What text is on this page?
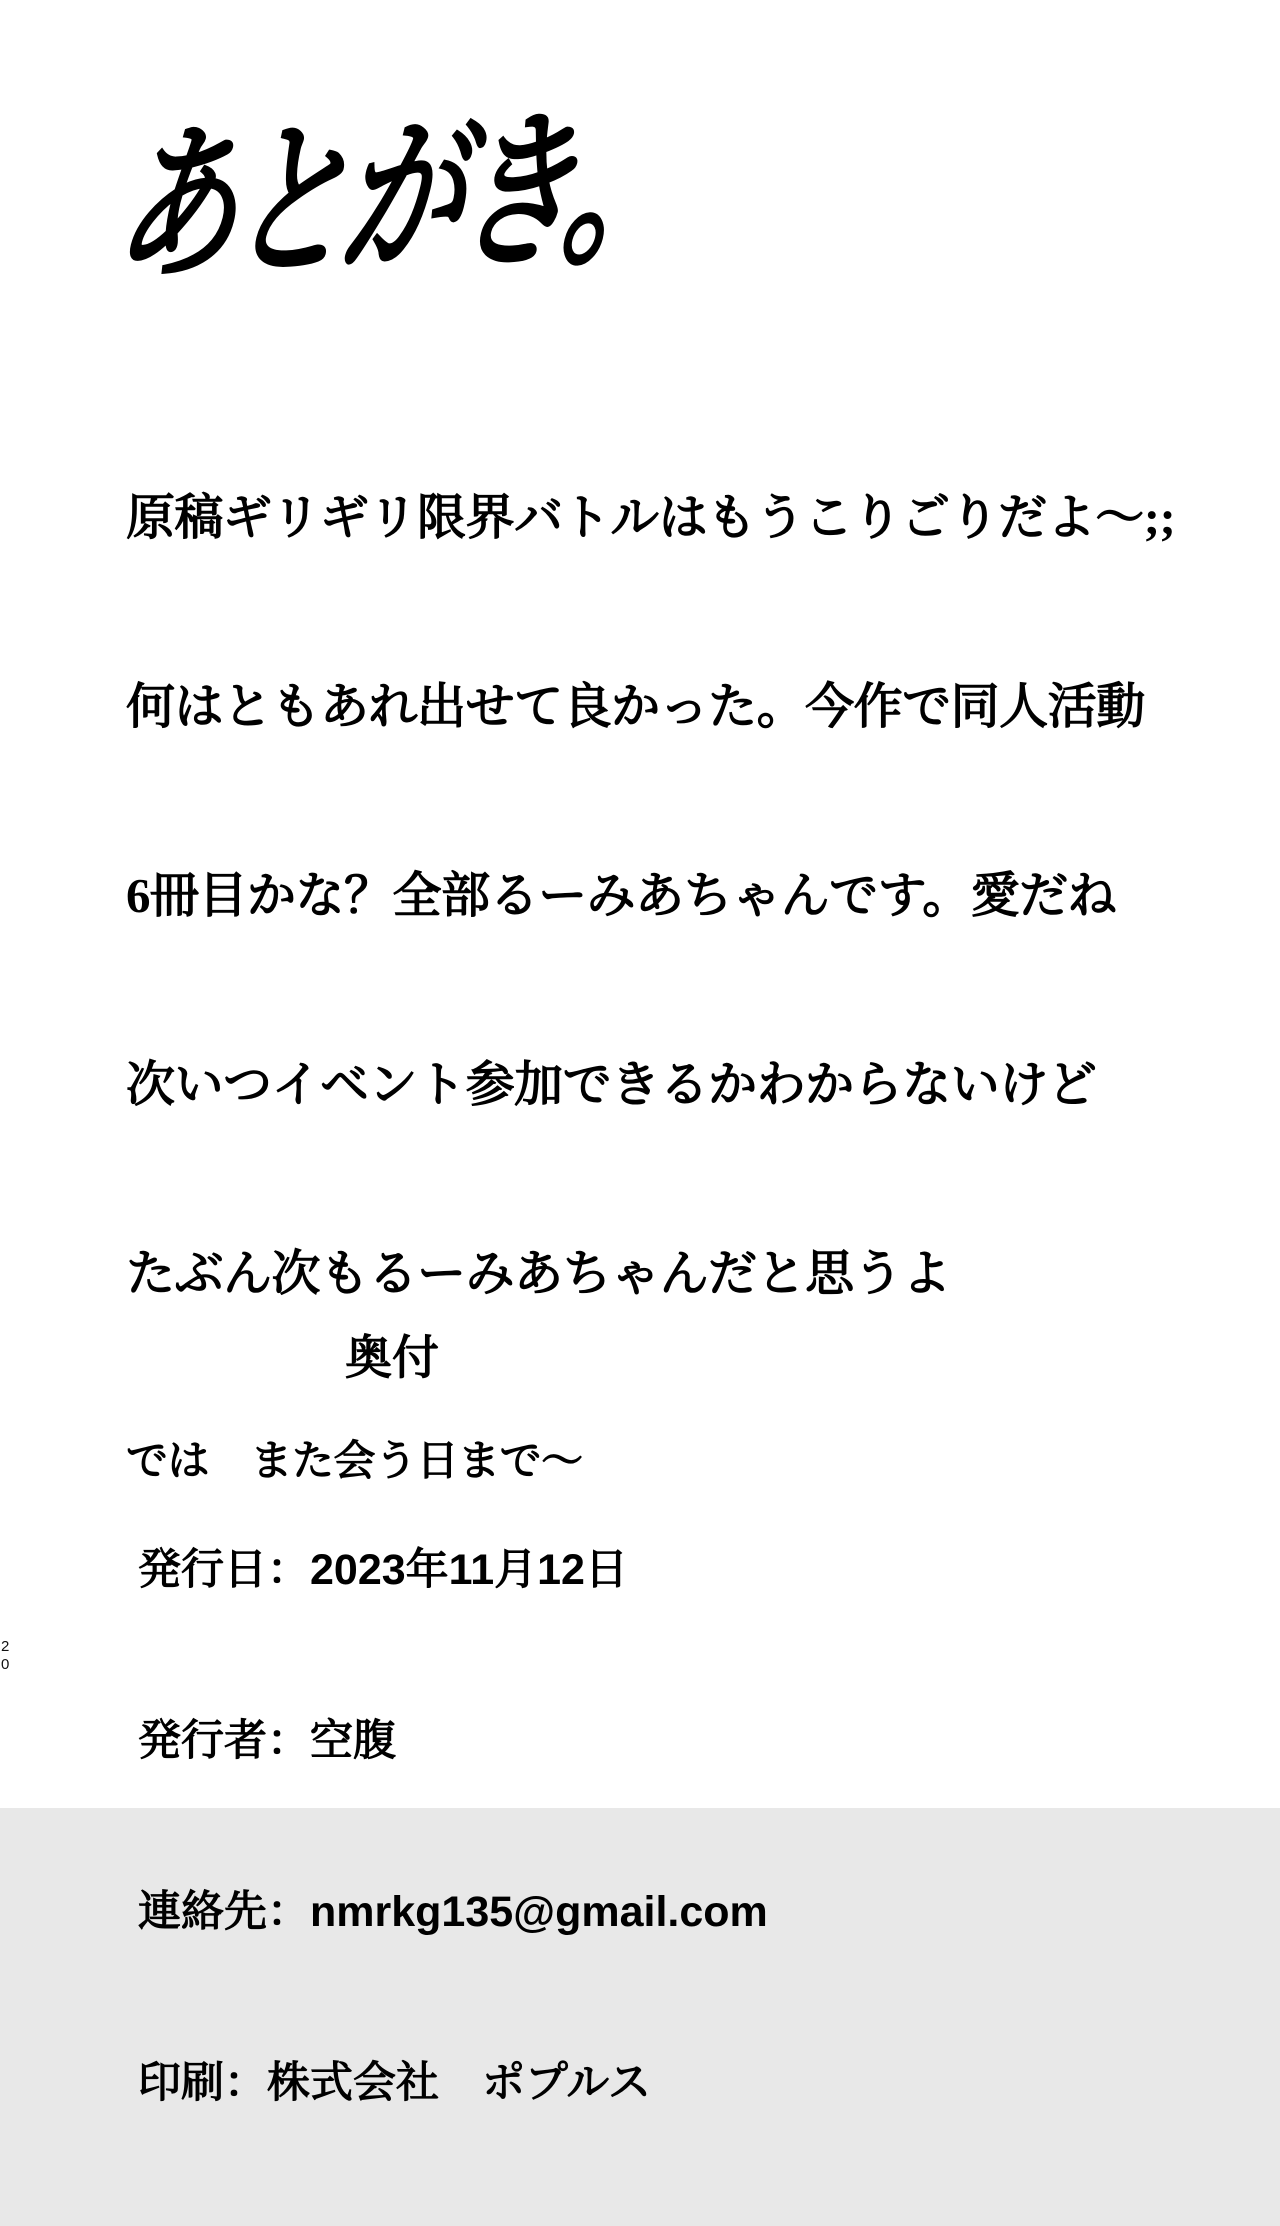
あとがき。

原稿ギリギリ限界バトルはもうこりごりだよ～;;

何はともあれ出せて良かった。今作で同人活動

6冊目かな？全部るーみあちゃんです。愛だね

次いつイベント参加できるかわからないけど

たぶん次もるーみあちゃんだと思うよ

では　また会う日まで～

奥付

発行日：2023年11月12日

発行者：空腹

連絡先：nmrkg135@gmail.com

印刷：株式会社　ポプルス

20
